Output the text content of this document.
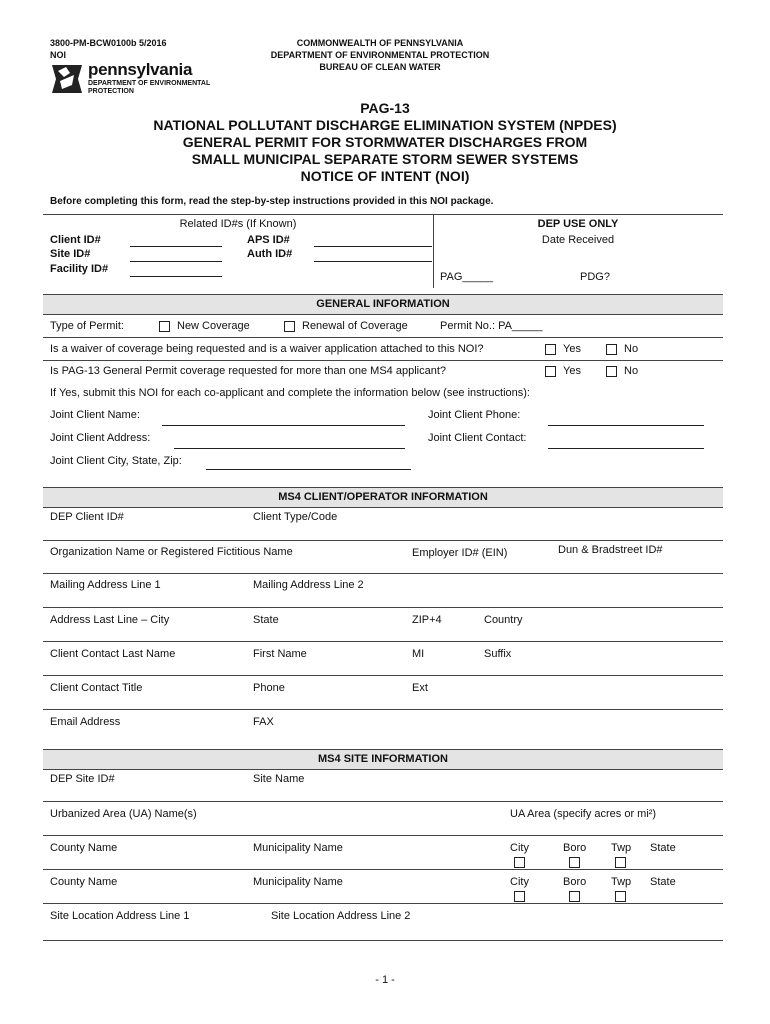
3800-PM-BCW0100b 5/2016
NOI
pennsylvania
DEPARTMENT OF ENVIRONMENTAL
PROTECTION
COMMONWEALTH OF PENNSYLVANIA
DEPARTMENT OF ENVIRONMENTAL PROTECTION
BUREAU OF CLEAN WATER
PAG-13
NATIONAL POLLUTANT DISCHARGE ELIMINATION SYSTEM (NPDES)
GENERAL PERMIT FOR STORMWATER DISCHARGES FROM
SMALL MUNICIPAL SEPARATE STORM SEWER SYSTEMS
NOTICE OF INTENT (NOI)
Before completing this form, read the step-by-step instructions provided in this NOI package.
Related ID#s (If Known)
Client ID#
Site ID#
Facility ID#
APS ID#
Auth ID#
DEP USE ONLY
Date Received
PAG_____	PDG?
GENERAL INFORMATION
Type of Permit:	New Coverage	Renewal of Coverage	Permit No.: PA_____
Is a waiver of coverage being requested and is a waiver application attached to this NOI?	Yes	No
Is PAG-13 General Permit coverage requested for more than one MS4 applicant?	Yes	No
If Yes, submit this NOI for each co-applicant and complete the information below (see instructions):
Joint Client Name:	Joint Client Phone:
Joint Client Address:	Joint Client Contact:
Joint Client City, State, Zip:
MS4 CLIENT/OPERATOR INFORMATION
DEP Client ID#	Client Type/Code
Organization Name or Registered Fictitious Name	Employer ID# (EIN)	Dun & Bradstreet ID#
Mailing Address Line 1	Mailing Address Line 2
Address Last Line – City	State	ZIP+4	Country
Client Contact Last Name	First Name	MI	Suffix
Client Contact Title	Phone	Ext
Email Address	FAX
MS4 SITE INFORMATION
DEP Site ID#	Site Name
Urbanized Area (UA) Name(s)	UA Area (specify acres or mi²)
County Name	Municipality Name	City	Boro Twp State
County Name	Municipality Name	City	Boro Twp State
Site Location Address Line 1	Site Location Address Line 2
- 1 -
